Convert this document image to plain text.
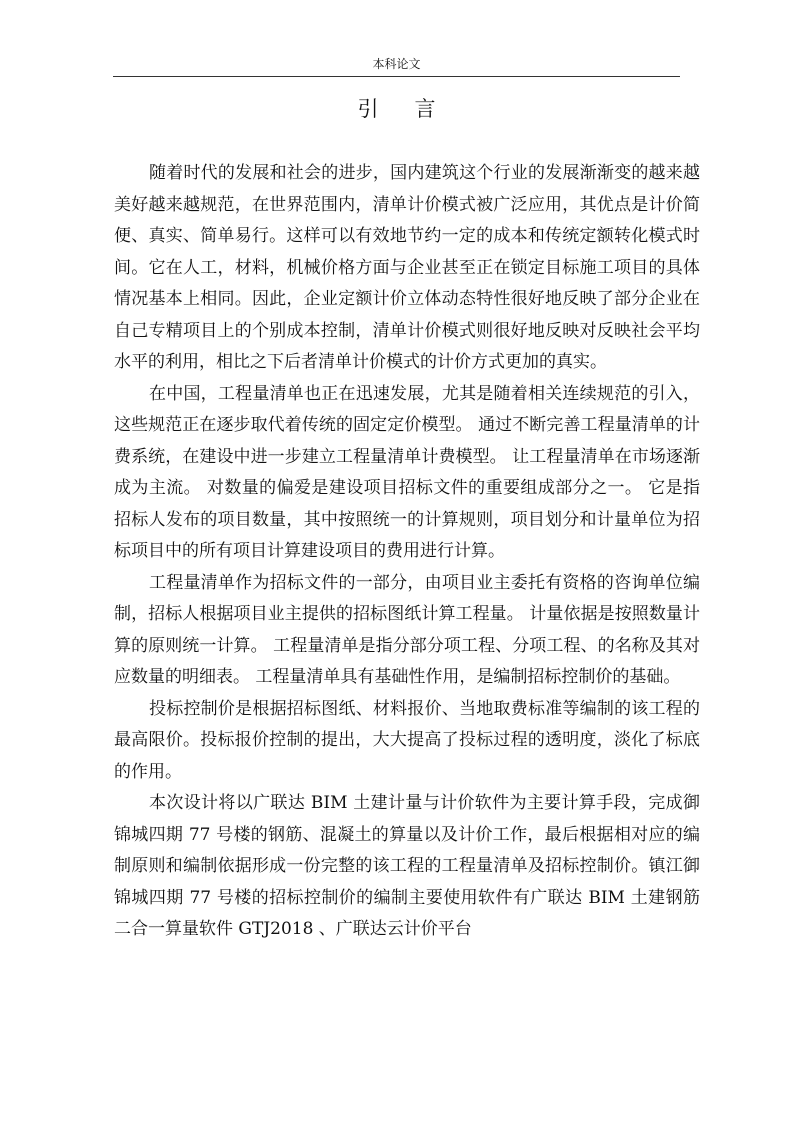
本科论文
引言

随着时代的发展和社会的进步，国内建筑这个行业的发展渐渐变的越来越美好越来越规范，在世界范围内，清单计价模式被广泛应用，其优点是计价简便、真实、简单易行。这样可以有效地节约一定的成本和传统定额转化模式时间。它在人工，材料，机械价格方面与企业甚至正在锁定目标施工项目的具体情况基本上相同。因此，企业定额计价立体动态特性很好地反映了部分企业在自己专精项目上的个别成本控制，清单计价模式则很好地反映对反映社会平均水平的利用，相比之下后者清单计价模式的计价方式更加的真实。

在中国，工程量清单也正在迅速发展，尤其是随着相关连续规范的引入，这些规范正在逐步取代着传统的固定定价模型。 通过不断完善工程量清单的计费系统，在建设中进一步建立工程量清单计费模型。 让工程量清单在市场逐渐成为主流。 对数量的偏爱是建设项目招标文件的重要组成部分之一。 它是指招标人发布的项目数量，其中按照统一的计算规则，项目划分和计量单位为招标项目中的所有项目计算建设项目的费用进行计算。

工程量清单作为招标文件的一部分，由项目业主委托有资格的咨询单位编制，招标人根据项目业主提供的招标图纸计算工程量。 计量依据是按照数量计算的原则统一计算。 工程量清单是指分部分项工程、分项工程、的名称及其对应数量的明细表。 工程量清单具有基础性作用，是编制招标控制价的基础。

投标控制价是根据招标图纸、材料报价、当地取费标准等编制的该工程的最高限价。投标报价控制的提出，大大提高了投标过程的透明度，淡化了标底的作用。

本次设计将以广联达 BIM 土建计量与计价软件为主要计算手段，完成御锦城四期 77 号楼的钢筋、混凝土的算量以及计价工作，最后根据相对应的编制原则和编制依据形成一份完整的该工程的工程量清单及招标控制价。镇江御锦城四期 77 号楼的招标控制价的编制主要使用软件有广联达 BIM 土建钢筋二合一算量软件 GTJ2018 、广联达云计价平台
